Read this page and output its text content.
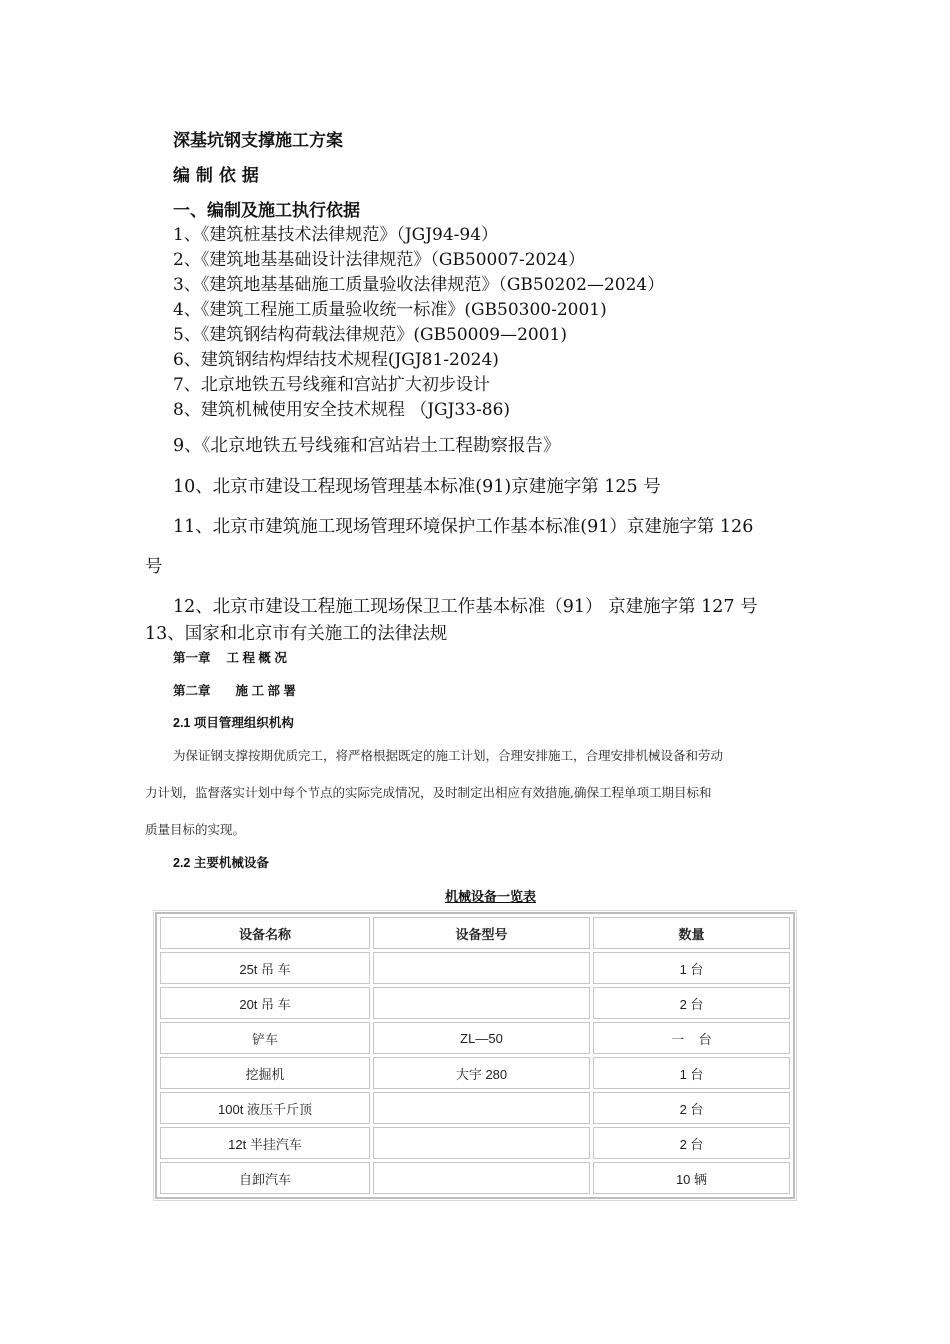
深基坑钢支撑施工方案
编 制 依 据
一、编制及施工执行依据
1、《建筑桩基技术法律规范》（JGJ94-94）
2、《建筑地基基础设计法律规范》（GB50007-2024）
3、《建筑地基基础施工质量验收法律规范》（GB50202—2024）
4、《建筑工程施工质量验收统一标准》(GB50300-2001)
5、《建筑钢结构荷载法律规范》(GB50009—2001)
6、建筑钢结构焊结技术规程(JGJ81-2024)
7、北京地铁五号线雍和宫站扩大初步设计
8、建筑机械使用安全技术规程 （JGJ33-86)
9、《北京地铁五号线雍和宫站岩土工程勘察报告》
10、北京市建设工程现场管理基本标准(91)京建施字第 125 号
11、北京市建筑施工现场管理环境保护工作基本标准(91）京建施字第 126
号
12、北京市建设工程施工现场保卫工作基本标准（91） 京建施字第 127 号
13、国家和北京市有关施工的法律法规
第一章　 工 程 概 况
第二章　　施 工 部 署
2.1 项目管理组织机构
为保证钢支撑按期优质完工，将严格根据既定的施工计划，合理安排施工，合理安排机械设备和劳动
力计划，监督落实计划中每个节点的实际完成情况，及时制定出相应有效措施,确保工程单项工期目标和
质量目标的实现。
2.2 主要机械设备
机械设备一览表
设备名称	设备型号	数量
25t 吊 车		1 台
20t 吊 车		2 台
铲车	ZL—50	一    台
挖掘机	大宇 280	1 台
100t 液压千斤顶		2 台
12t 半挂汽车		2 台
自卸汽车		10 辆
